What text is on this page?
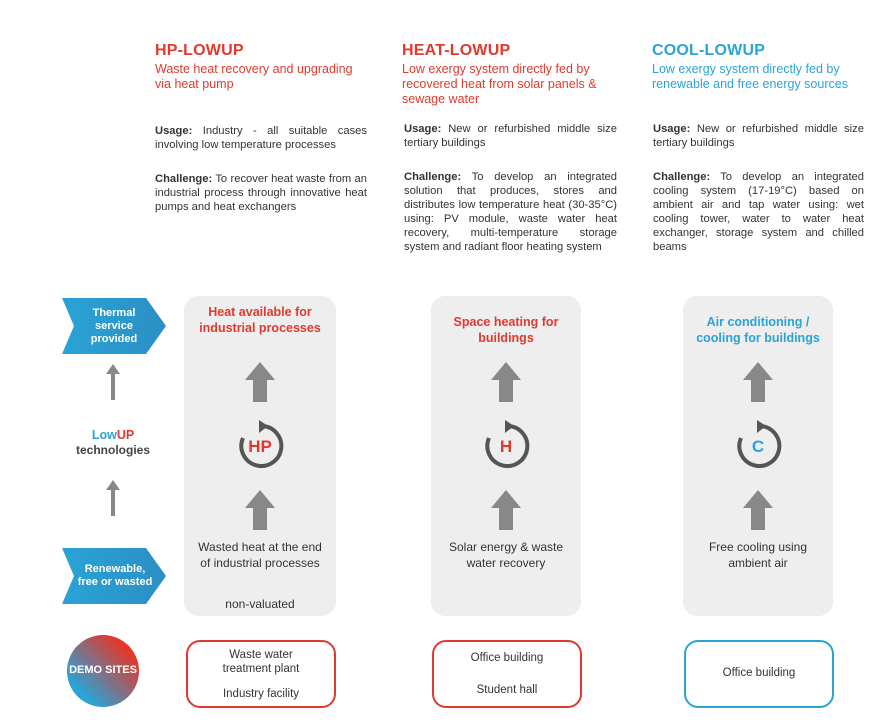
HP-LOWUP
Waste heat recovery and upgrading via heat pump
Usage: Industry - all suitable cases involving low temperature processes
Challenge: To recover heat waste from an industrial process through innovative heat pumps and heat exchangers
HEAT-LOWUP
Low exergy system directly fed by recovered heat from solar panels & sewage water
Usage: New or refurbished middle size tertiary buildings
Challenge: To develop an integrated solution that produces, stores and distributes low temperature heat (30-35°C) using: PV module, waste water heat recovery, multi-temperature storage system and radiant floor heating system
COOL-LOWUP
Low exergy system directly fed by renewable and free energy sources
Usage: New or refurbished middle size tertiary buildings
Challenge: To develop an integrated cooling system (17-19°C) based on ambient air and tap water using: wet cooling tower, water to water heat exchanger, storage system and chilled beams
Thermal service provided
LowUP
technologies
Renewable, free or wasted
DEMO SITES
Heat available for industrial processes
HP
Wasted heat at the end of industrial processes
non-valuated
Space heating for buildings
H
Solar energy & waste water recovery
Air conditioning / cooling for buildings
C
Free cooling using ambient air
Waste water treatment plant
Industry facility
Office building
Student hall
Office building
